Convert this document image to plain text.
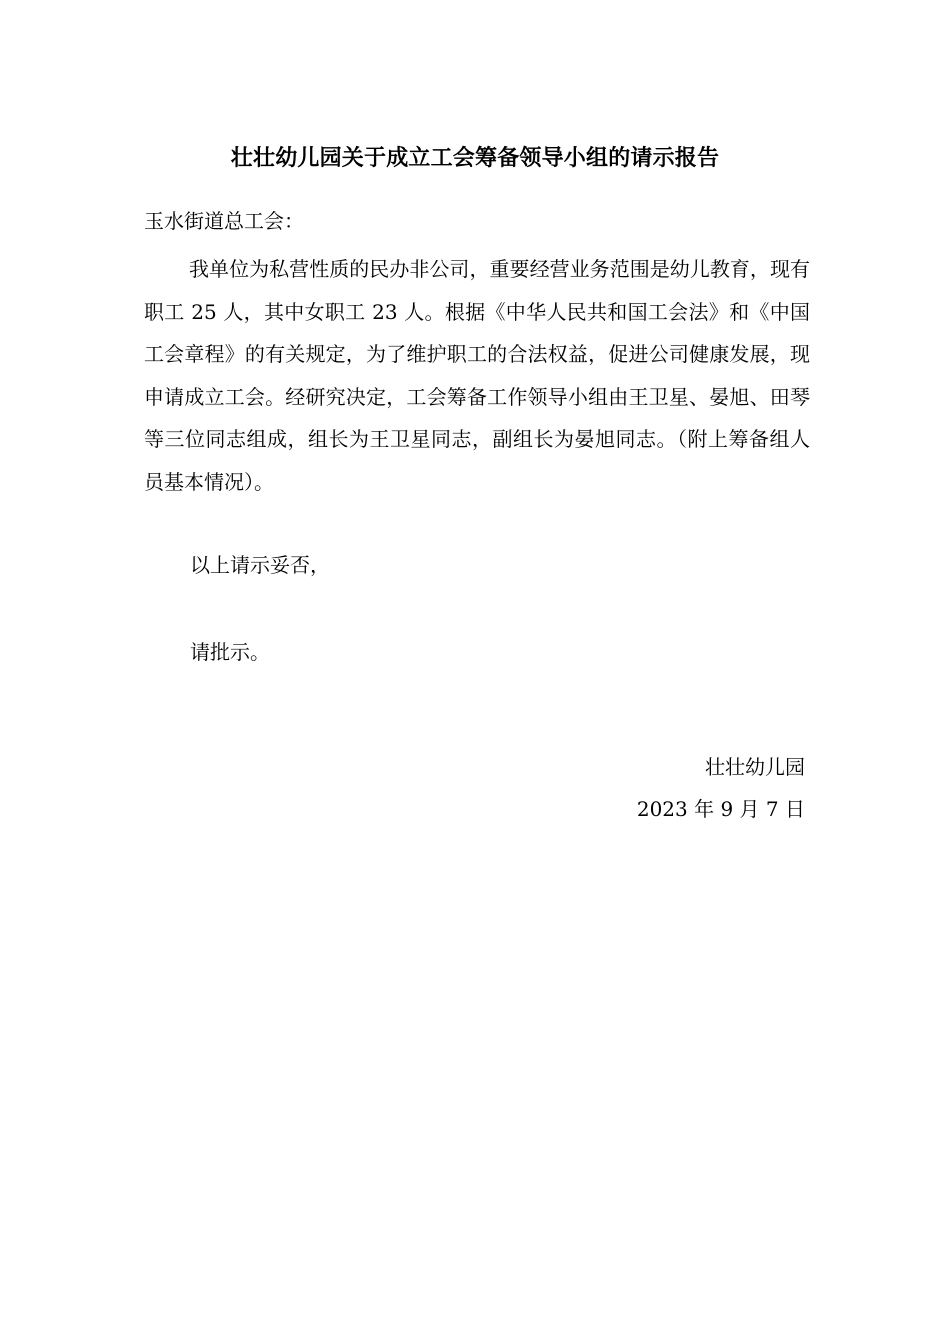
壮壮幼儿园关于成立工会筹备领导小组的请示报告
玉水街道总工会：

我单位为私营性质的民办非公司，重要经营业务范围是幼儿教育，现有职工 25 人，其中女职工 23 人。根据《中华人民共和国工会法》和《中国工会章程》的有关规定，为了维护职工的合法权益，促进公司健康发展，现申请成立工会。经研究决定，工会筹备工作领导小组由王卫星、晏旭、田琴等三位同志组成，组长为王卫星同志，副组长为晏旭同志。（附上筹备组人员基本情况）。

以上请示妥否，
请批示。
壮壮幼儿园
2023 年 9 月 7 日
